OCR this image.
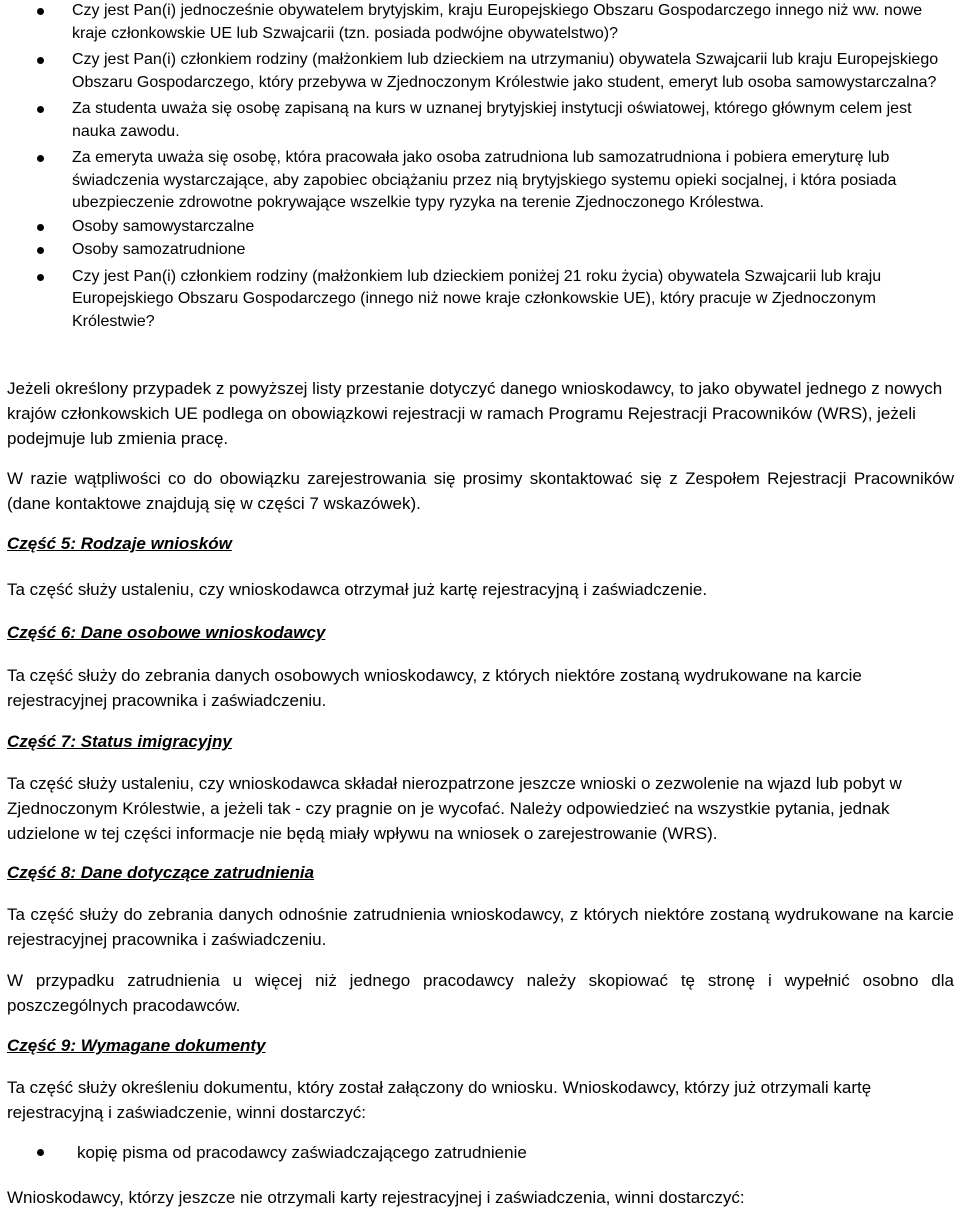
Czy jest Pan(i) jednocześnie obywatelem brytyjskim, kraju Europejskiego Obszaru Gospodarczego innego niż ww. nowe kraje członkowskie UE lub Szwajcarii (tzn. posiada podwójne obywatelstwo)?
Czy jest Pan(i) członkiem rodziny (małżonkiem lub dzieckiem na utrzymaniu) obywatela Szwajcarii lub kraju Europejskiego Obszaru Gospodarczego, który przebywa w Zjednoczonym Królestwie jako student, emeryt lub osoba samowystarczalna?
Za studenta uważa się osobę zapisaną na kurs w uznanej brytyjskiej instytucji oświatowej, którego głównym celem jest nauka zawodu.
Za emeryta uważa się osobę, która pracowała jako osoba zatrudniona lub samozatrudniona i pobiera emeryturę lub świadczenia wystarczające, aby zapobiec obciążaniu przez nią brytyjskiego systemu opieki socjalnej, i która posiada ubezpieczenie zdrowotne pokrywające wszelkie typy ryzyka na terenie Zjednoczonego Królestwa.
Osoby samowystarczalne
Osoby samozatrudnione
Czy jest Pan(i) członkiem rodziny (małżonkiem lub dzieckiem poniżej 21 roku życia) obywatela Szwajcarii lub kraju Europejskiego Obszaru Gospodarczego (innego niż nowe kraje członkowskie UE), który pracuje w Zjednoczonym Królestwie?

Jeżeli określony przypadek z powyższej listy przestanie dotyczyć danego wnioskodawcy, to jako obywatel jednego z nowych krajów członkowskich UE podlega on obowiązkowi rejestracji w ramach Programu Rejestracji Pracowników (WRS), jeżeli podejmuje lub zmienia pracę.

W razie wątpliwości co do obowiązku zarejestrowania się prosimy skontaktować się z Zespołem Rejestracji Pracowników (dane kontaktowe znajdują się w części 7 wskazówek).

Część 5: Rodzaje wniosków

Ta część służy ustaleniu, czy wnioskodawca otrzymał już kartę rejestracyjną i zaświadczenie.

Część 6: Dane osobowe wnioskodawcy

Ta część służy do zebrania danych osobowych wnioskodawcy, z których niektóre zostaną wydrukowane na karcie rejestracyjnej pracownika i zaświadczeniu.

Część 7: Status imigracyjny

Ta część służy ustaleniu, czy wnioskodawca składał nierozpatrzone jeszcze wnioski o zezwolenie na wjazd lub pobyt w Zjednoczonym Królestwie, a jeżeli tak - czy pragnie on je wycofać. Należy odpowiedzieć na wszystkie pytania, jednak udzielone w tej części informacje nie będą miały wpływu na wniosek o zarejestrowanie (WRS).

Część 8: Dane dotyczące zatrudnienia

Ta część służy do zebrania danych odnośnie zatrudnienia wnioskodawcy, z których niektóre zostaną wydrukowane na karcie rejestracyjnej pracownika i zaświadczeniu.

W przypadku zatrudnienia u więcej niż jednego pracodawcy należy skopiować tę stronę i wypełnić osobno dla poszczególnych pracodawców.

Część 9: Wymagane dokumenty

Ta część służy określeniu dokumentu, który został załączony do wniosku. Wnioskodawcy, którzy już otrzymali kartę rejestracyjną i zaświadczenie, winni dostarczyć:

kopię pisma od pracodawcy zaświadczającego zatrudnienie

Wnioskodawcy, którzy jeszcze nie otrzymali karty rejestracyjnej i zaświadczenia, winni dostarczyć:
